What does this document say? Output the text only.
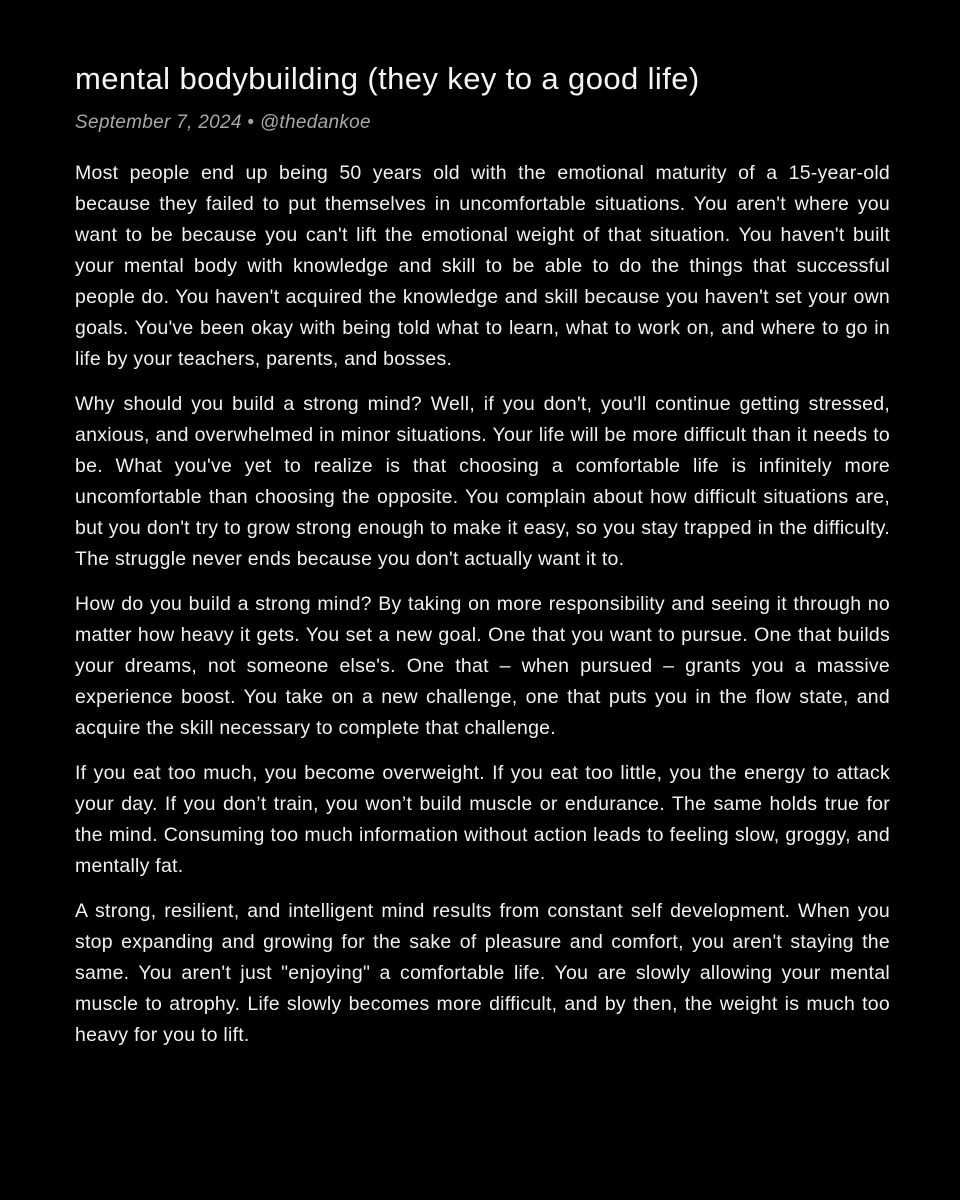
mental bodybuilding (they key to a good life)

September 7, 2024 • @thedankoe

Most people end up being 50 years old with the emotional maturity of a 15-year-old because they failed to put themselves in uncomfortable situations. You aren't where you want to be because you can't lift the emotional weight of that situation. You haven't built your mental body with knowledge and skill to be able to do the things that successful people do. You haven't acquired the knowledge and skill because you haven't set your own goals. You've been okay with being told what to learn, what to work on, and where to go in life by your teachers, parents, and bosses.

Why should you build a strong mind? Well, if you don't, you'll continue getting stressed, anxious, and overwhelmed in minor situations. Your life will be more difficult than it needs to be. What you've yet to realize is that choosing a comfortable life is infinitely more uncomfortable than choosing the opposite. You complain about how difficult situations are, but you don't try to grow strong enough to make it easy, so you stay trapped in the difficulty. The struggle never ends because you don't actually want it to.

How do you build a strong mind? By taking on more responsibility and seeing it through no matter how heavy it gets. You set a new goal. One that you want to pursue. One that builds your dreams, not someone else's. One that – when pursued – grants you a massive experience boost. You take on a new challenge, one that puts you in the flow state, and acquire the skill necessary to complete that challenge.

If you eat too much, you become overweight. If you eat too little, you the energy to attack your day. If you don’t train, you won’t build muscle or endurance. The same holds true for the mind. Consuming too much information without action leads to feeling slow, groggy, and mentally fat.

A strong, resilient, and intelligent mind results from constant self development. When you stop expanding and growing for the sake of pleasure and comfort, you aren't staying the same. You aren't just "enjoying" a comfortable life. You are slowly allowing your mental muscle to atrophy. Life slowly becomes more difficult, and by then, the weight is much too heavy for you to lift.
